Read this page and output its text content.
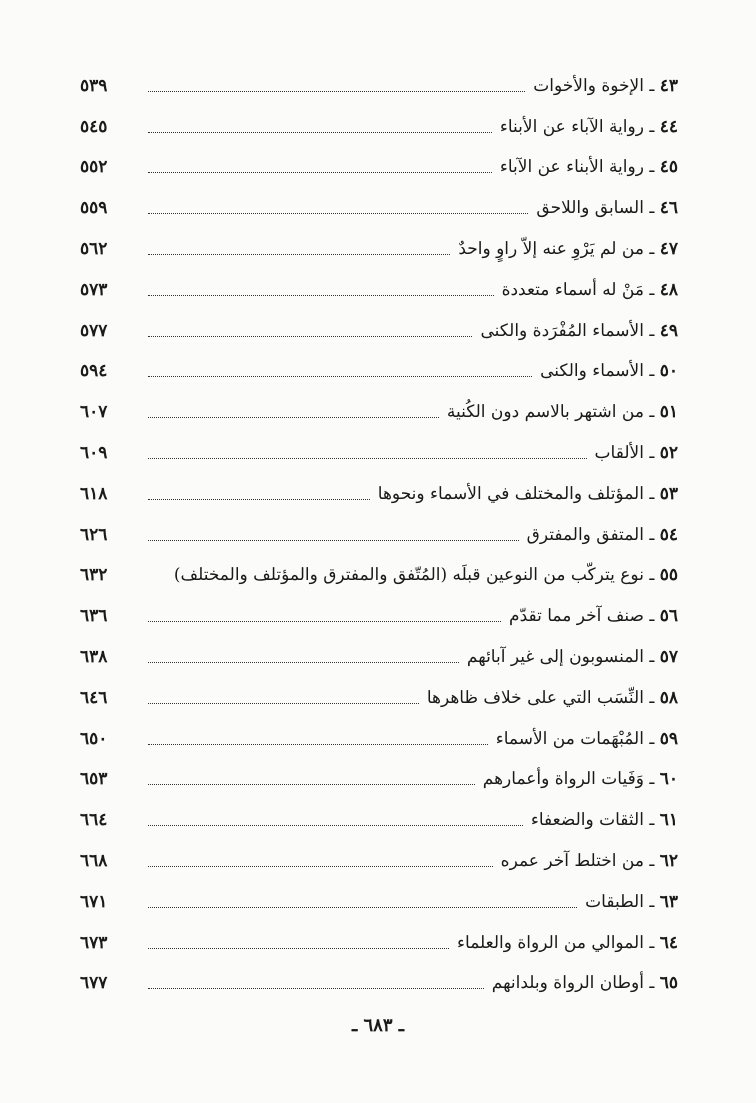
٤٣ ـ الإخوة والأخوات
٥٣٩
٤٤ ـ رواية الآباء عن الأبناء
٥٤٥
٤٥ ـ رواية الأبناء عن الآباء
٥٥٢
٤٦ ـ السابق واللاحق
٥٥٩
٤٧ ـ من لم يَرْوِ عنه إلاّ راوٍ واحدٌ
٥٦٢
٤٨ ـ مَنْ له أسماء متعددة
٥٧٣
٤٩ ـ الأسماء المُفْرَدة والكنى
٥٧٧
٥٠ ـ الأسماء والكنى
٥٩٤
٥١ ـ من اشتهر بالاسم دون الكُنية
٦٠٧
٥٢ ـ الألقاب
٦٠٩
٥٣ ـ المؤتلف والمختلف في الأسماء ونحوها
٦١٨
٥٤ ـ المتفق والمفترق
٦٢٦
٥٥ ـ نوع يتركّب من النوعين قبلَه (المُتّفق والمفترق والمؤتلف والمختلف)
٦٣٢
٥٦ ـ صنف آخر مما تقدّم
٦٣٦
٥٧ ـ المنسوبون إلى غير آبائهم
٦٣٨
٥٨ ـ النِّسَب التي على خلاف ظاهرها
٦٤٦
٥٩ ـ المُبْهَمات من الأسماء
٦٥٠
٦٠ ـ وَفَيات الرواة وأعمارهم
٦٥٣
٦١ ـ الثقات والضعفاء
٦٦٤
٦٢ ـ من اختلط آخر عمره
٦٦٨
٦٣ ـ الطبقات
٦٧١
٦٤ ـ الموالي من الرواة والعلماء
٦٧٣
٦٥ ـ أوطان الرواة وبلدانهم
٦٧٧
ـ ٦٨٣ ـ
